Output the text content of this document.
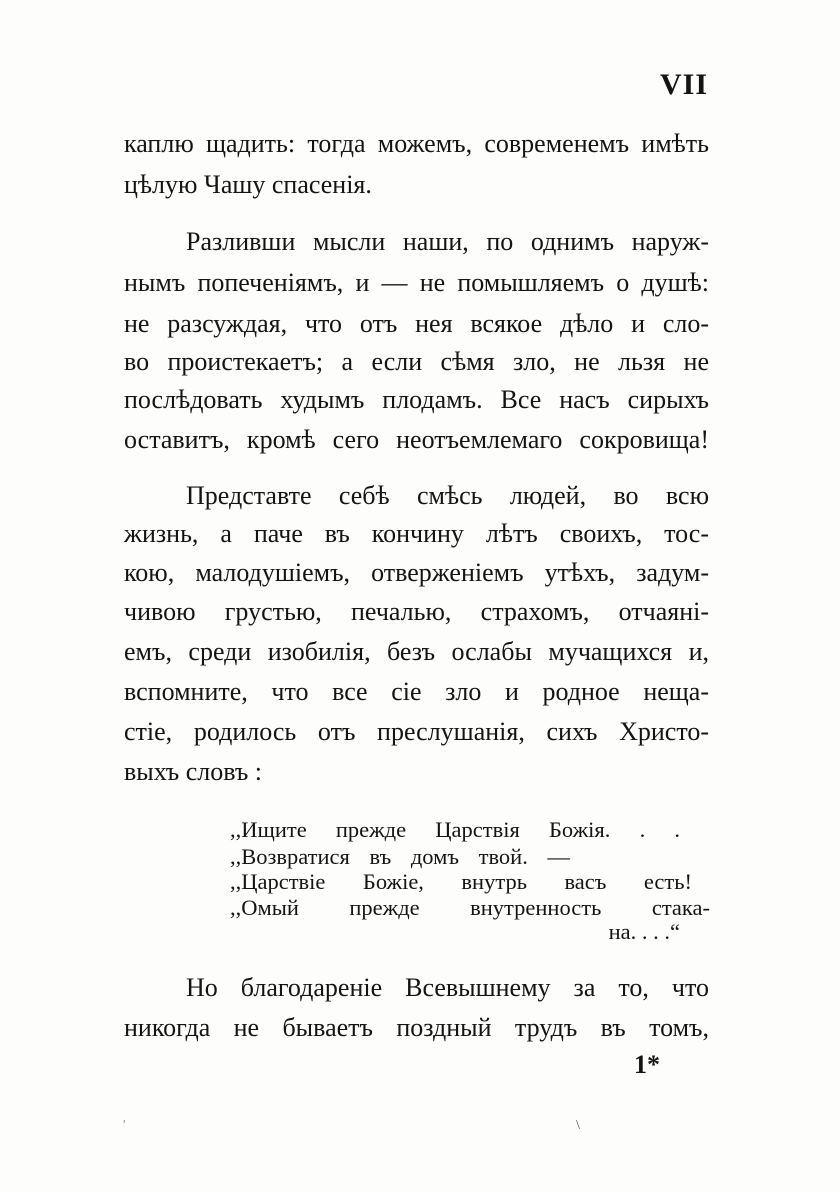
VII
каплю щадить: тогда можемъ, современемъ имѣть
цѣлую Чашу спасенія.
Разливши мысли наши, по однимъ наруж-
нымъ попеченіямъ, и — не помышляемъ о душѣ:
не разсуждая, что отъ нея всякое дѣло и сло-
во проистекаетъ; а если сѣмя зло, не льзя не
послѣдовать худымъ плодамъ. Все насъ сирыхъ
оставитъ, кромѣ сего неотъемлемаго сокровища!
Представте себѣ смѣсь людей, во всю
жизнь, а паче въ кончину лѣтъ своихъ, тос-
кою, малодушіемъ, отверженіемъ утѣхъ, задум-
чивою грустью, печалью, страхомъ, отчаяні-
емъ, среди изобилія, безъ ослабы мучащихся и,
вспомните, что все сіе зло и родное нещa-
стіе, родилось отъ преслушанія, сихъ Христо-
выхъ словъ :
,,Ищите прежде Царствія Божія. . .
,,Возвратися въ домъ твой. —
,,Царствіе Божіе, внутрь васъ есть!
,,Омый прежде внутренность стака-
на. . . .“
Но благодареніе Всевышнему за то, что
никогда не бываетъ поздный трудъ въ томъ,
1*
˒	\
